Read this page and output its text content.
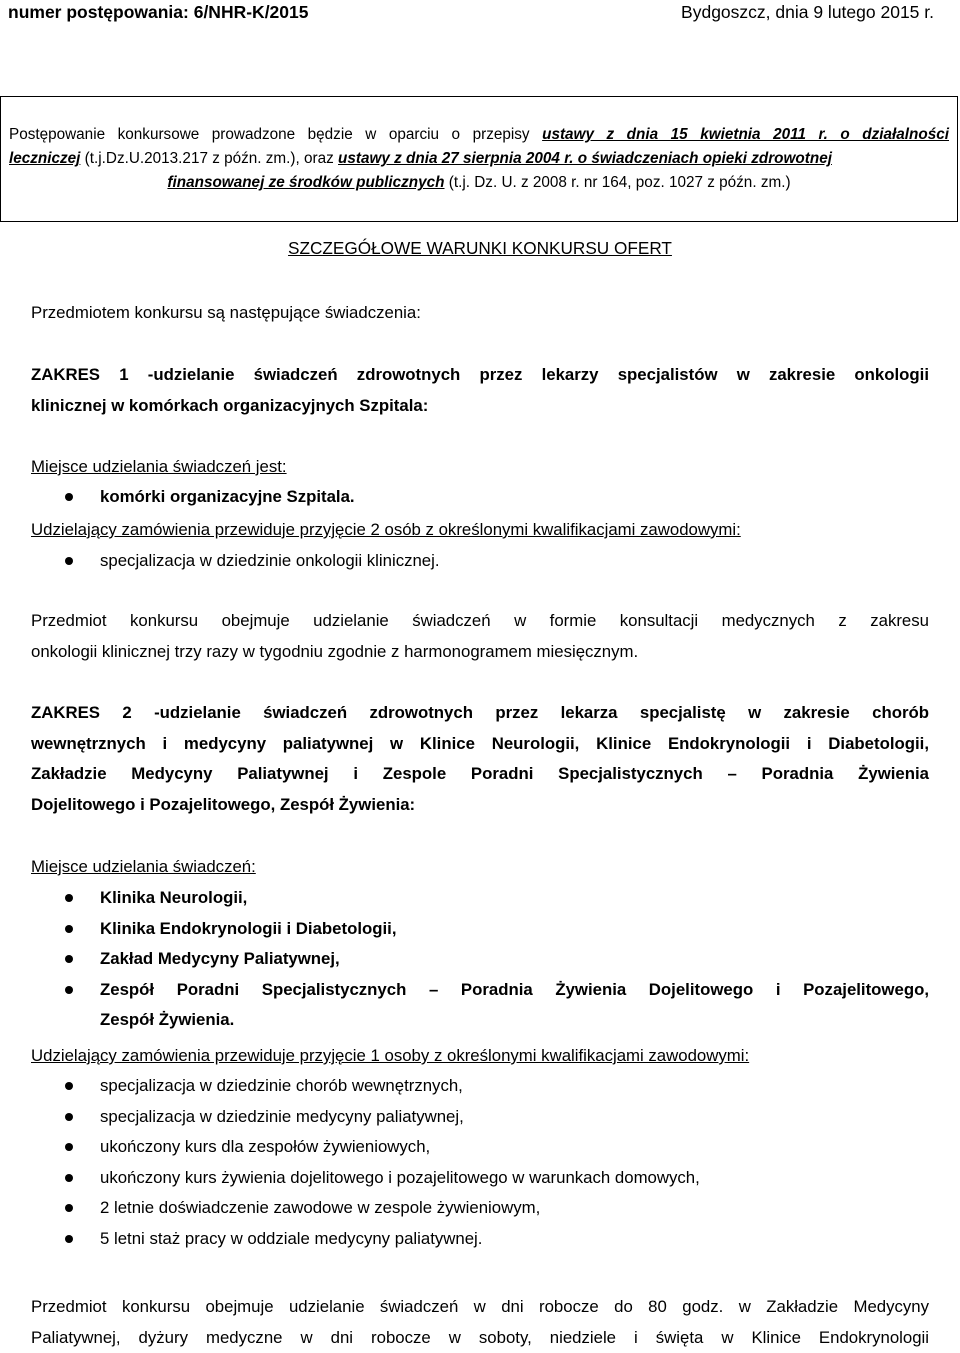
numer postępowania: 6/NHR-K/2015	Bydgoszcz, dnia 9 lutego 2015 r.
Postępowanie konkursowe prowadzone będzie w oparciu o przepisy ustawy z dnia 15 kwietnia 2011 r. o działalności
leczniczej (t.j.Dz.U.2013.217 z późn. zm.), oraz ustawy z dnia 27 sierpnia 2004 r. o świadczeniach opieki zdrowotnej
finansowanej ze środków publicznych (t.j. Dz. U. z 2008 r. nr 164, poz. 1027 z późn. zm.)
SZCZEGÓŁOWE WARUNKI KONKURSU OFERT
Przedmiotem konkursu są następujące świadczenia:
ZAKRES 1 -udzielanie świadczeń zdrowotnych przez lekarzy specjalistów w zakresie onkologii
klinicznej w komórkach organizacyjnych Szpitala:
Miejsce udzielania świadczeń jest:
komórki organizacyjne Szpitala.
Udzielający zamówienia przewiduje przyjęcie 2 osób z określonymi kwalifikacjami zawodowymi:
specjalizacja w dziedzinie onkologii klinicznej.
Przedmiot konkursu obejmuje udzielanie świadczeń w formie konsultacji medycznych z zakresu
onkologii klinicznej trzy razy w tygodniu zgodnie z harmonogramem miesięcznym.
ZAKRES 2 -udzielanie świadczeń zdrowotnych przez lekarza specjalistę w zakresie chorób
wewnętrznych i medycyny paliatywnej w Klinice Neurologii, Klinice Endokrynologii i Diabetologii,
Zakładzie Medycyny Paliatywnej i Zespole Poradni Specjalistycznych – Poradnia Żywienia
Dojelitowego i Pozajelitowego, Zespół Żywienia:
Miejsce udzielania świadczeń:
Klinika Neurologii,
Klinika Endokrynologii i Diabetologii,
Zakład Medycyny Paliatywnej,
Zespół Poradni Specjalistycznych – Poradnia Żywienia Dojelitowego i Pozajelitowego,
Zespół Żywienia.
Udzielający zamówienia przewiduje przyjęcie 1 osoby z określonymi kwalifikacjami zawodowymi:
specjalizacja w dziedzinie chorób wewnętrznych,
specjalizacja w dziedzinie medycyny paliatywnej,
ukończony kurs dla zespołów żywieniowych,
ukończony kurs żywienia dojelitowego i pozajelitowego w warunkach domowych,
2 letnie doświadczenie zawodowe w zespole żywieniowym,
5 letni staż pracy w oddziale medycyny paliatywnej.
Przedmiot konkursu obejmuje udzielanie świadczeń w dni robocze do 80 godz. w Zakładzie Medycyny
Paliatywnej, dyżury medyczne w dni robocze w soboty, niedziele i święta w Klinice Endokrynologii
